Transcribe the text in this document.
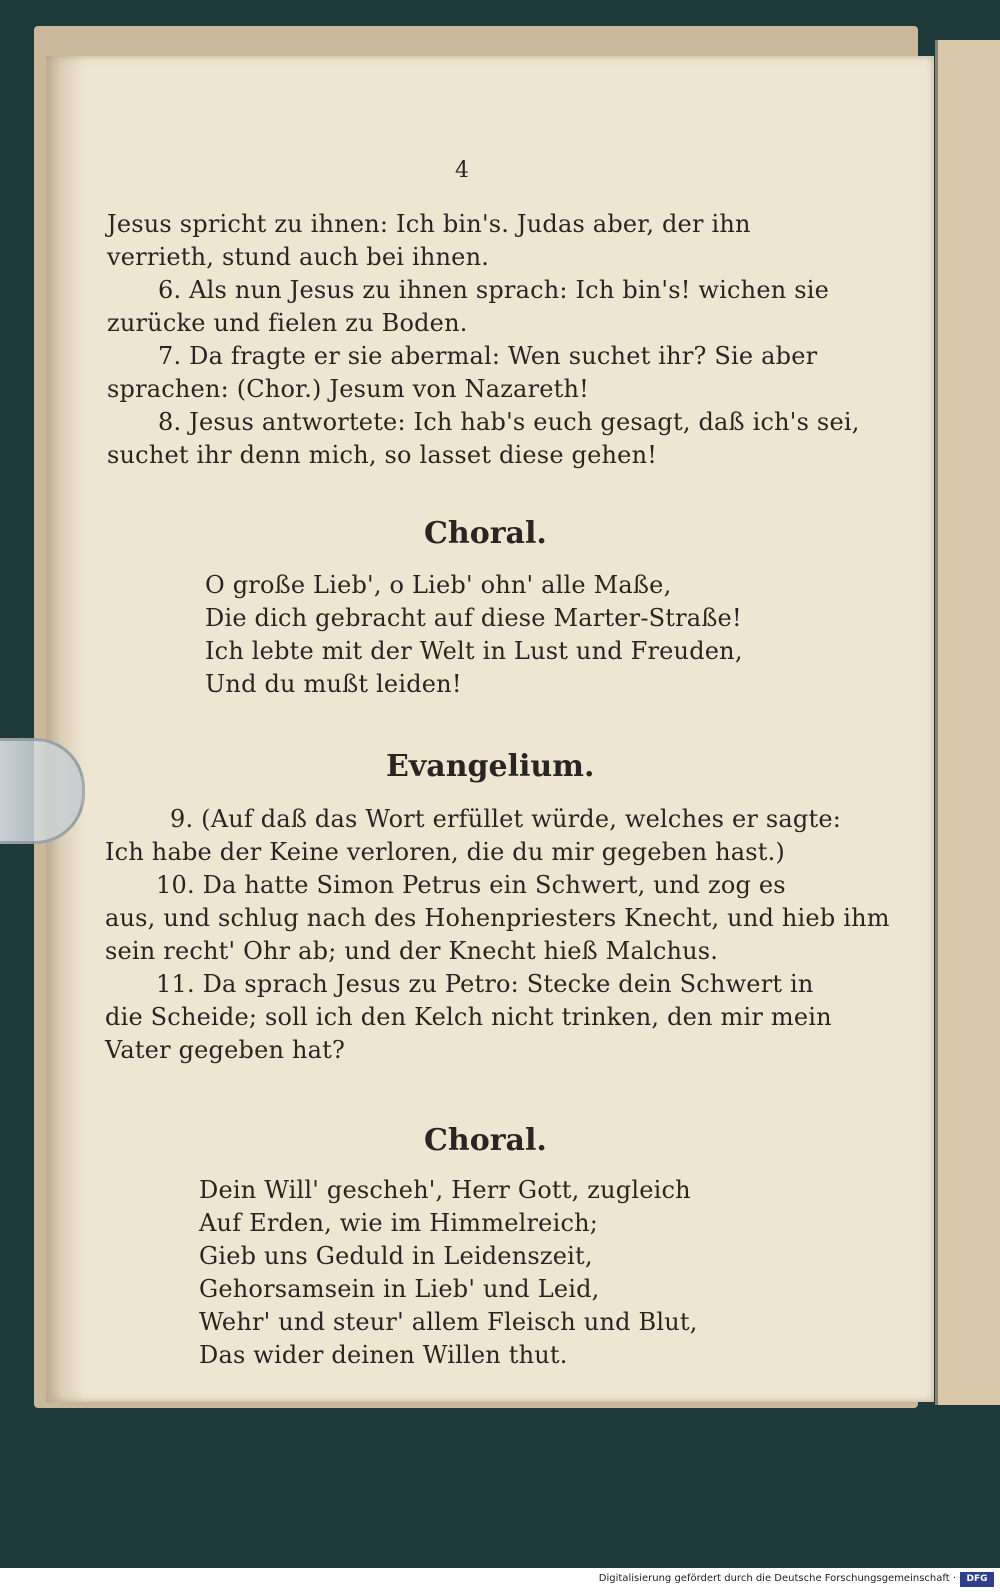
4
Jesus spricht zu ihnen: Ich bin's. Judas aber, der ihn
verrieth, stund auch bei ihnen.
6. Als nun Jesus zu ihnen sprach: Ich bin's! wichen sie
zurücke und fielen zu Boden.
7. Da fragte er sie abermal: Wen suchet ihr? Sie aber
sprachen: (Chor.) Jesum von Nazareth!
8. Jesus antwortete: Ich hab's euch gesagt, daß ich's sei,
suchet ihr denn mich, so lasset diese gehen!
Choral.
O große Lieb', o Lieb' ohn' alle Maße,
Die dich gebracht auf diese Marter-Straße!
Ich lebte mit der Welt in Lust und Freuden,
Und du mußt leiden!
Evangelium.
9. (Auf daß das Wort erfüllet würde, welches er sagte:
Ich habe der Keine verloren, die du mir gegeben hast.)
10. Da hatte Simon Petrus ein Schwert, und zog es
aus, und schlug nach des Hohenpriesters Knecht, und hieb ihm
sein recht' Ohr ab; und der Knecht hieß Malchus.
11. Da sprach Jesus zu Petro: Stecke dein Schwert in
die Scheide; soll ich den Kelch nicht trinken, den mir mein
Vater gegeben hat?
Choral.
Dein Will' gescheh', Herr Gott, zugleich
Auf Erden, wie im Himmelreich;
Gieb uns Geduld in Leidenszeit,
Gehorsamsein in Lieb' und Leid,
Wehr' und steur' allem Fleisch und Blut,
Das wider deinen Willen thut.
Digitalisierung gefördert durch die Deutsche Forschungsgemeinschaft ·	DFG
